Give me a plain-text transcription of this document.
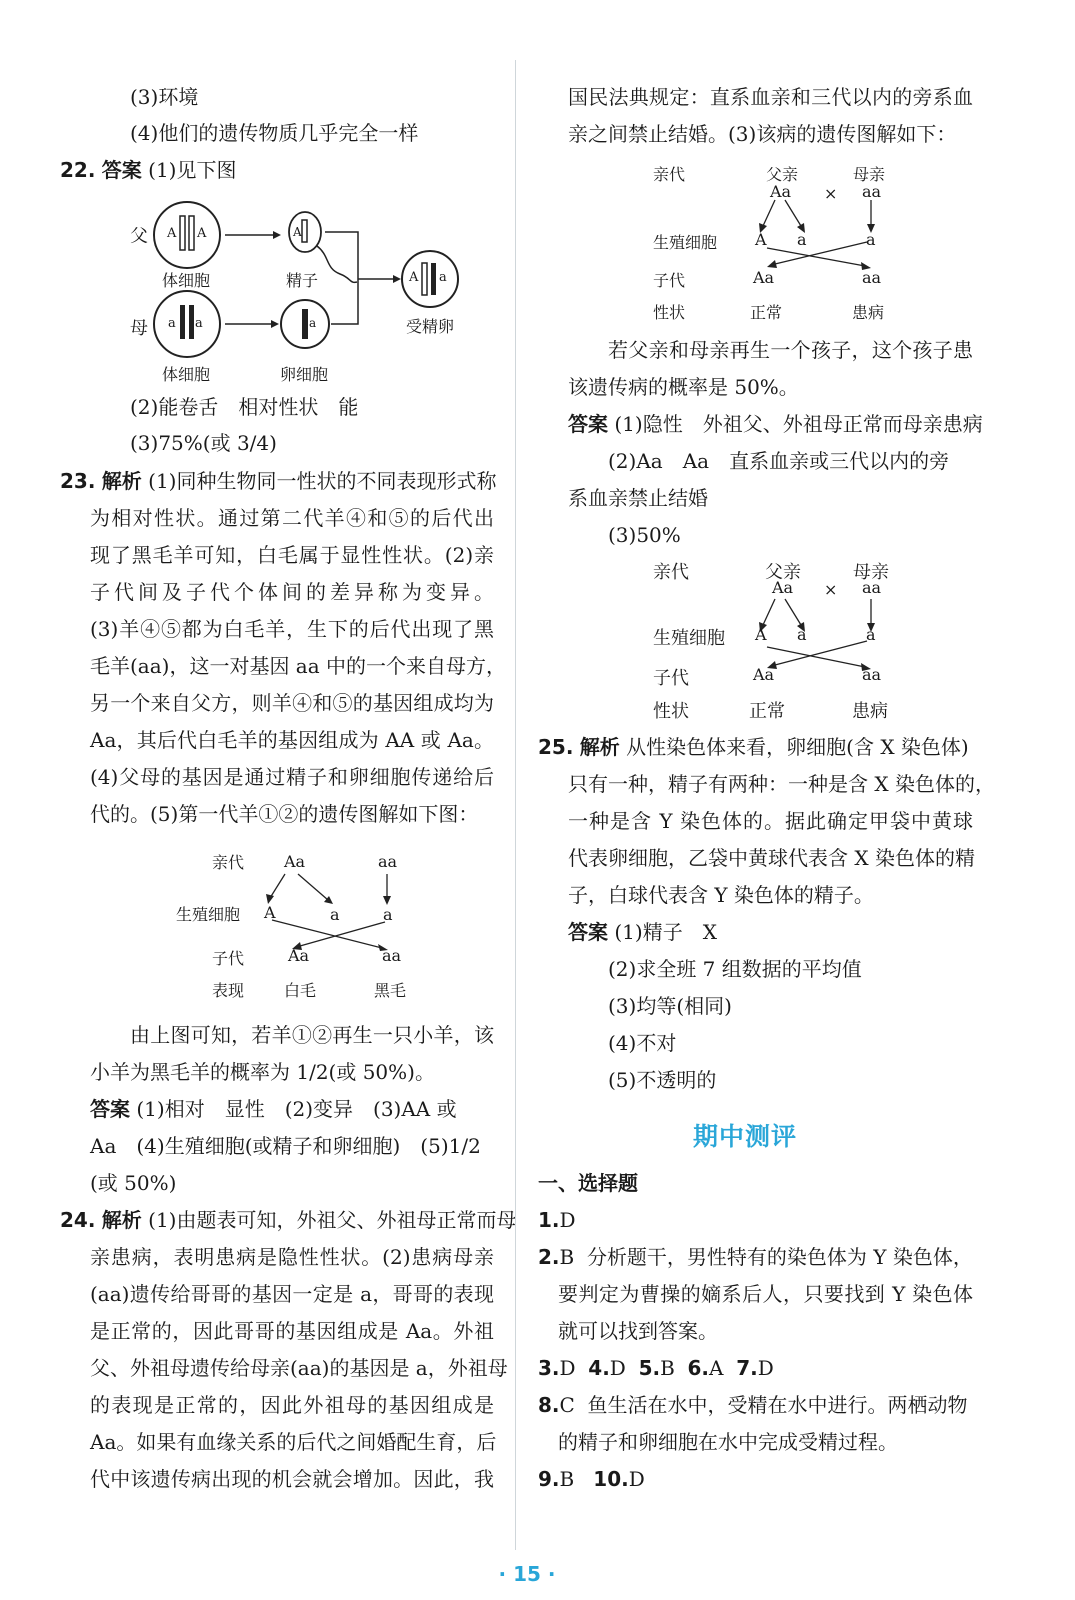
(3)环境
(4)他们的遗传物质几乎完全一样
22. 答案 (1)见下图
父
母
A A
a a
A
a
A a
体细胞	精子
体细胞	卵细胞
受精卵
(2)能卷舌　相对性状　能
(3)75%(或 3/4)
23. 解析 (1)同种生物同一性状的不同表现形式称
为相对性状。通过第二代羊④和⑤的后代出
现了黑毛羊可知，白毛属于显性性状。(2)亲
子代间及子代个体间的差异称为变异。
(3)羊④⑤都为白毛羊，生下的后代出现了黑
毛羊(aa)，这一对基因 aa 中的一个来自母方，
另一个来自父方，则羊④和⑤的基因组成均为
Aa，其后代白毛羊的基因组成为 AA 或 Aa。
(4)父母的基因是通过精子和卵细胞传递给后
代的。(5)第一代羊①②的遗传图解如下图：
亲代
生殖细胞
子代
表现
Aa	aa
A	a	a
Aa	aa
白毛	黑毛
由上图可知，若羊①②再生一只小羊，该
小羊为黑毛羊的概率为 1/2(或 50%)。
答案 (1)相对　显性　(2)变异　(3)AA 或
Aa　(4)生殖细胞(或精子和卵细胞)　(5)1/2
(或 50%)
24. 解析 (1)由题表可知，外祖父、外祖母正常而母
亲患病，表明患病是隐性性状。(2)患病母亲
(aa)遗传给哥哥的基因一定是 a，哥哥的表现
是正常的，因此哥哥的基因组成是 Aa。外祖
父、外祖母遗传给母亲(aa)的基因是 a，外祖母
的表现是正常的，因此外祖母的基因组成是
Aa。如果有血缘关系的后代之间婚配生育，后
代中该遗传病出现的机会就会增加。因此，我
国民法典规定：直系血亲和三代以内的旁系血
亲之间禁止结婚。(3)该病的遗传图解如下：
亲代
生殖细胞
子代
性状
父亲	母亲
Aa × aa
A a	a
Aa	aa
正常	患病
若父亲和母亲再生一个孩子，这个孩子患
该遗传病的概率是 50%。
答案 (1)隐性　外祖父、外祖母正常而母亲患病
(2)Aa　Aa　直系血亲或三代以内的旁
系血亲禁止结婚
(3)50%
亲代
生殖细胞
子代
性状
父亲	母亲
Aa × aa
A a	a
Aa	aa
正常	患病
25. 解析 从性染色体来看，卵细胞(含 X 染色体)
只有一种，精子有两种：一种是含 X 染色体的，
一种是含 Y 染色体的。据此确定甲袋中黄球
代表卵细胞，乙袋中黄球代表含 X 染色体的精
子，白球代表含 Y 染色体的精子。
答案 (1)精子　X
(2)求全班 7 组数据的平均值
(3)均等(相同)
(4)不对
(5)不透明的
期中测评
一、选择题
1.D
2.B 分析题干，男性特有的染色体为 Y 染色体，
要判定为曹操的嫡系后人，只要找到 Y 染色体
就可以找到答案。
3.D 4.D 5.B 6.A 7.D
8.C 鱼生活在水中，受精在水中进行。两栖动物
的精子和卵细胞在水中完成受精过程。
9.B 10.D
· 15 ·
